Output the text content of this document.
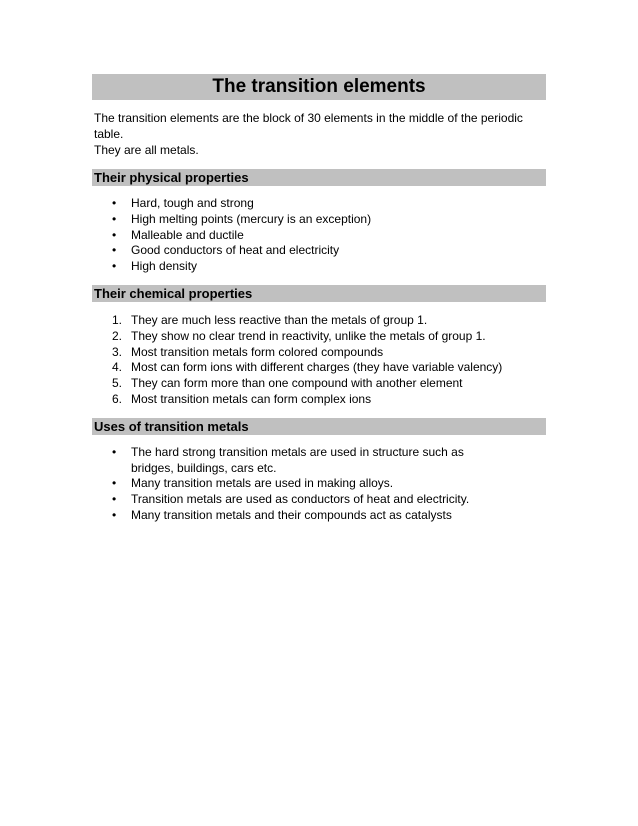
The transition elements

The transition elements are the block of 30 elements in the middle of the periodic table.
They are all metals.

Their physical properties
• Hard, tough and strong
• High melting points (mercury is an exception)
• Malleable and ductile
• Good conductors of heat and electricity
• High density
Their chemical properties
1. They are much less reactive than the metals of group 1.
2. They show no clear trend in reactivity, unlike the metals of group 1.
3. Most transition metals form colored compounds
4. Most can form ions with different charges (they have variable valency)
5. They can form more than one compound with another element
6. Most transition metals can form complex ions
Uses of transition metals
• The hard strong transition metals are used in structure such as bridges, buildings, cars etc.
• Many transition metals are used in making alloys.
• Transition metals are used as conductors of heat and electricity.
• Many transition metals and their compounds act as catalysts
